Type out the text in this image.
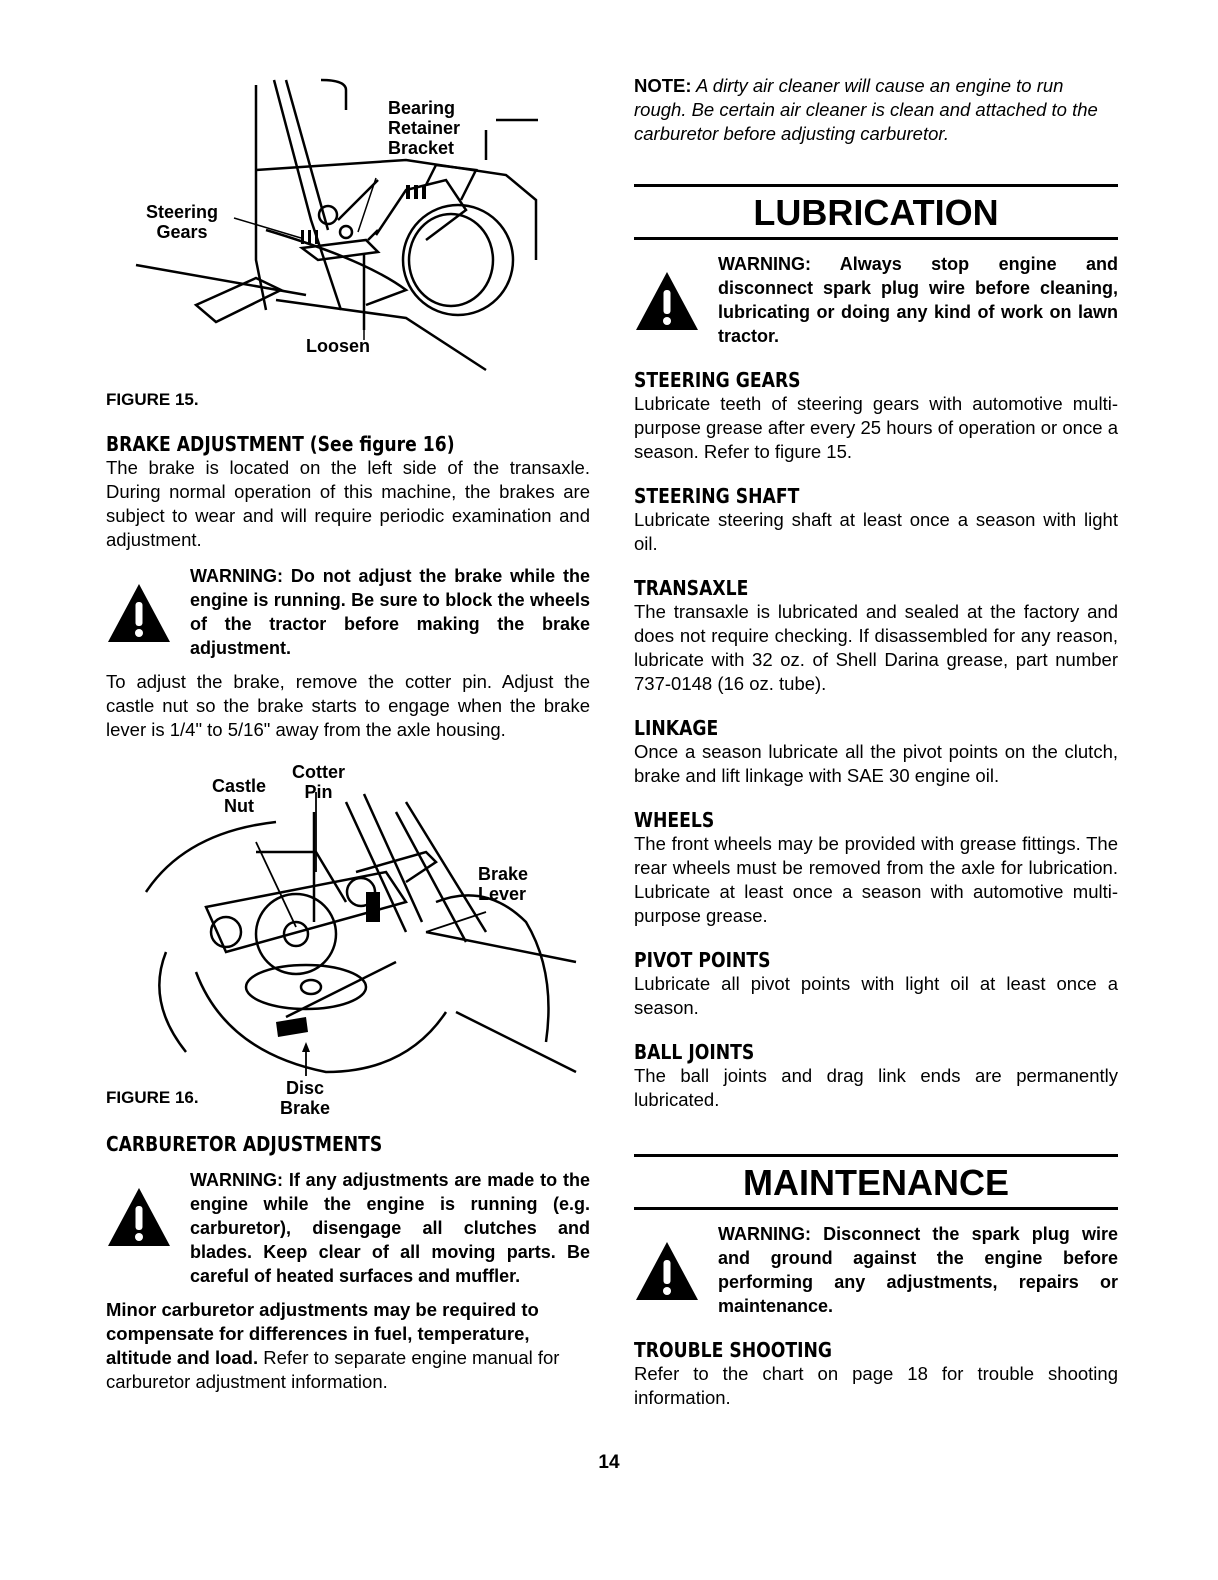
Bearing
Retainer
Bracket
Steering
Gears
Loosen

FIGURE 15.

BRAKE ADJUSTMENT (See figure 16)

The brake is located on the left side of the transaxle. During normal operation of this machine, the brakes are subject to wear and will require periodic examination and adjustment.

WARNING: Do not adjust the brake while the engine is running. Be sure to block the wheels of the tractor before making the brake adjustment.

To adjust the brake, remove the cotter pin. Adjust the castle nut so the brake starts to engage when the brake lever is 1/4" to 5/16" away from the axle housing.

Cotter
Pin
Castle
Nut
Brake
Lever
Disc
Brake

FIGURE 16.

CARBURETOR ADJUSTMENTS
WARNING: If any adjustments are made to the engine while the engine is running (e.g. carburetor), disengage all clutches and blades. Keep clear of all moving parts. Be careful of heated surfaces and muffler.

Minor carburetor adjustments may be required to compensate for differences in fuel, temperature, altitude and load. Refer to separate engine manual for carburetor adjustment information.

NOTE: A dirty air cleaner will cause an engine to run rough. Be certain air cleaner is clean and attached to the carburetor before adjusting carburetor.

LUBRICATION
WARNING: Always stop engine and disconnect spark plug wire before cleaning, lubricating or doing any kind of work on lawn tractor.
STEERING GEARS

Lubricate teeth of steering gears with automotive multi-purpose grease after every 25 hours of operation or once a season. Refer to figure 15.

STEERING SHAFT

Lubricate steering shaft at least once a season with light oil.

TRANSAXLE

The transaxle is lubricated and sealed at the factory and does not require checking. If disassembled for any reason, lubricate with 32 oz. of Shell Darina grease, part number 737-0148 (16 oz. tube).

LINKAGE

Once a season lubricate all the pivot points on the clutch, brake and lift linkage with SAE 30 engine oil.

WHEELS

The front wheels may be provided with grease fittings. The rear wheels must be removed from the axle for lubrication. Lubricate at least once a season with automotive multi-purpose grease.

PIVOT POINTS

Lubricate all pivot points with light oil at least once a season.

BALL JOINTS

The ball joints and drag link ends are permanently lubricated.

MAINTENANCE
WARNING: Disconnect the spark plug wire and ground against the engine before performing any adjustments, repairs or maintenance.
TROUBLE SHOOTING

Refer to the chart on page 18 for trouble shooting information.

14
